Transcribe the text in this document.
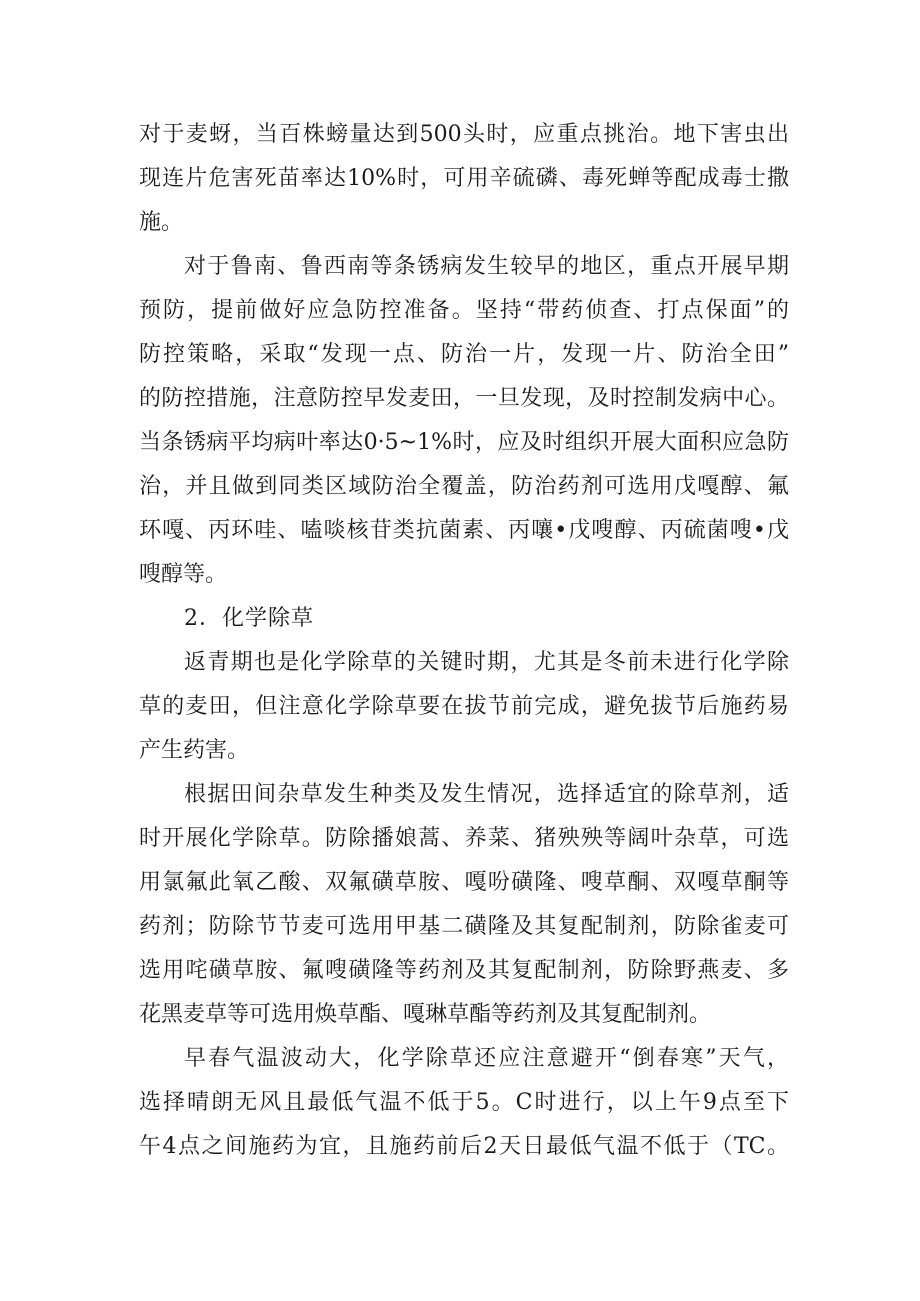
对于麦蚜，当百株螃量达到500头时，应重点挑治。地下害虫出
现连片危害死苗率达10%时，可用辛硫磷、毒死蝉等配成毒士撒
施。
对于鲁南、鲁西南等条锈病发生较早的地区，重点开展早期
预防，提前做好应急防控准备。坚持“带药侦查、打点保面”的
防控策略，采取“发现一点、防治一片，发现一片、防治全田”
的防控措施，注意防控早发麦田，一旦发现，及时控制发病中心。
当条锈病平均病叶率达0·5~1%时，应及时组织开展大面积应急防
治，并且做到同类区域防治全覆盖，防治药剂可选用戊嘎醇、氟
环嘎、丙环哇、嗑啖核苷类抗菌素、丙嚷•戊嗖醇、丙硫菌嗖•戊
嗖醇等。
2．化学除草
返青期也是化学除草的关键时期，尤其是冬前未进行化学除
草的麦田，但注意化学除草要在拔节前完成，避免拔节后施药易
产生药害。
根据田间杂草发生种类及发生情况，选择适宜的除草剂，适
时开展化学除草。防除播娘蒿、养菜、猪殃殃等阔叶杂草，可选
用氯氟此氧乙酸、双氟磺草胺、嘎吩磺隆、嗖草酮、双嘎草酮等
药剂；防除节节麦可选用甲基二磺隆及其复配制剂，防除雀麦可
选用咤磺草胺、氟嗖磺隆等药剂及其复配制剂，防除野燕麦、多
花黑麦草等可选用焕草酯、嘎琳草酯等药剂及其复配制剂。
早春气温波动大，化学除草还应注意避开“倒春寒”天气，
选择晴朗无风且最低气温不低于5。C时进行，以上午9点至下
午4点之间施药为宜，且施药前后2天日最低气温不低于（TC。
